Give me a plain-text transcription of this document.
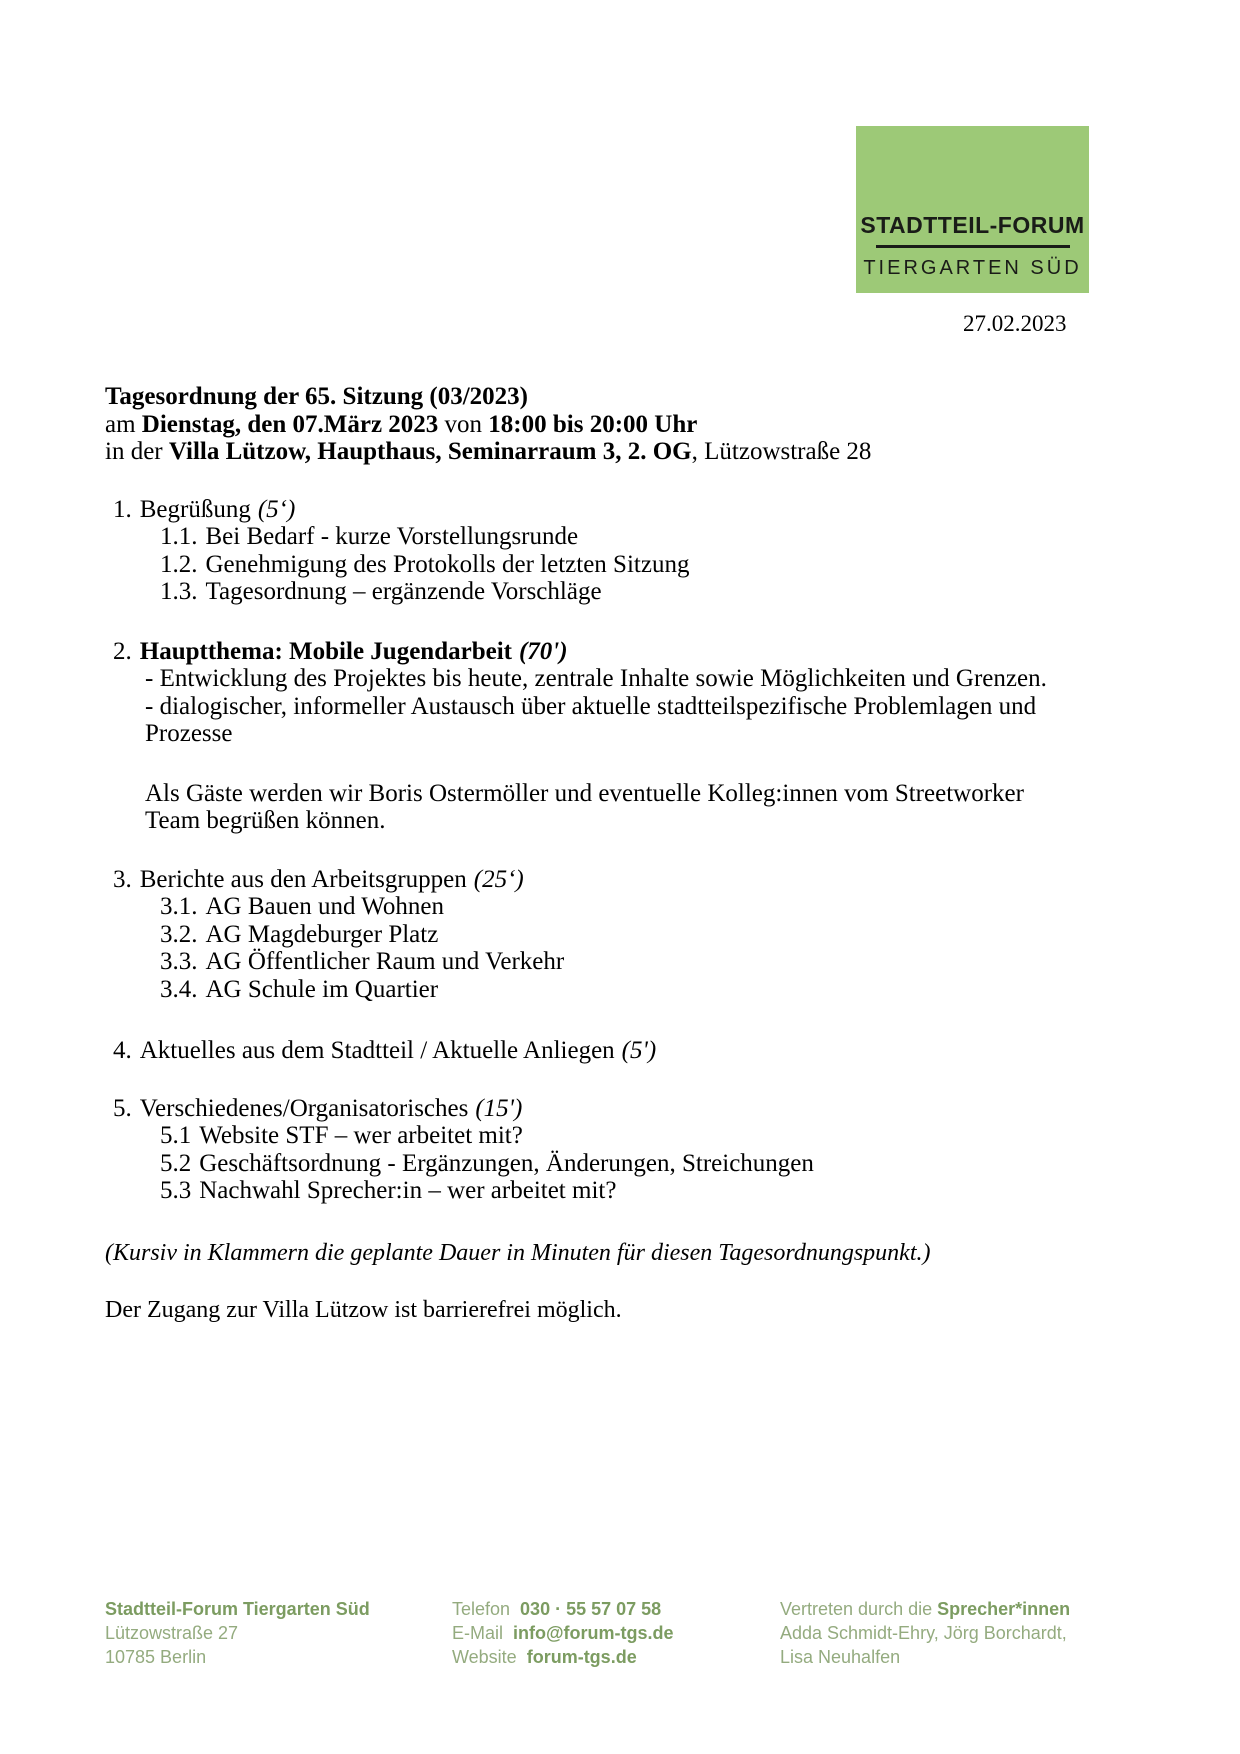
STADTTEIL-FORUM
TIERGARTEN SÜD
27.02.2023
Tagesordnung der 65. Sitzung (03/2023)
am Dienstag, den 07.März 2023 von 18:00 bis 20:00 Uhr
in der Villa Lützow, Haupthaus, Seminarraum 3, 2. OG, Lützowstraße 28
1. Begrüßung (5‘)
1.1. Bei Bedarf - kurze Vorstellungsrunde
1.2. Genehmigung des Protokolls der letzten Sitzung
1.3. Tagesordnung – ergänzende Vorschläge
2. Hauptthema: Mobile Jugendarbeit (70')
- Entwicklung des Projektes bis heute, zentrale Inhalte sowie Möglichkeiten und Grenzen.
- dialogischer, informeller Austausch über aktuelle stadtteilspezifische Problemlagen und
Prozesse
Als Gäste werden wir Boris Ostermöller und eventuelle Kolleg:innen vom Streetworker
Team begrüßen können.
3. Berichte aus den Arbeitsgruppen (25‘)
3.1. AG Bauen und Wohnen
3.2. AG Magdeburger Platz
3.3. AG Öffentlicher Raum und Verkehr
3.4. AG Schule im Quartier
4. Aktuelles aus dem Stadtteil / Aktuelle Anliegen (5')
5. Verschiedenes/Organisatorisches (15')
5.1 Website STF – wer arbeitet mit?
5.2 Geschäftsordnung - Ergänzungen, Änderungen, Streichungen
5.3 Nachwahl Sprecher:in – wer arbeitet mit?
(Kursiv in Klammern die geplante Dauer in Minuten für diesen Tagesordnungspunkt.)
Der Zugang zur Villa Lützow ist barrierefrei möglich.
Stadtteil-Forum Tiergarten Süd
Lützowstraße 27
10785 Berlin
Telefon 030 · 55 57 07 58
E-Mail info@forum-tgs.de
Website forum-tgs.de
Vertreten durch die Sprecher*innen
Adda Schmidt-Ehry, Jörg Borchardt,
Lisa Neuhalfen
